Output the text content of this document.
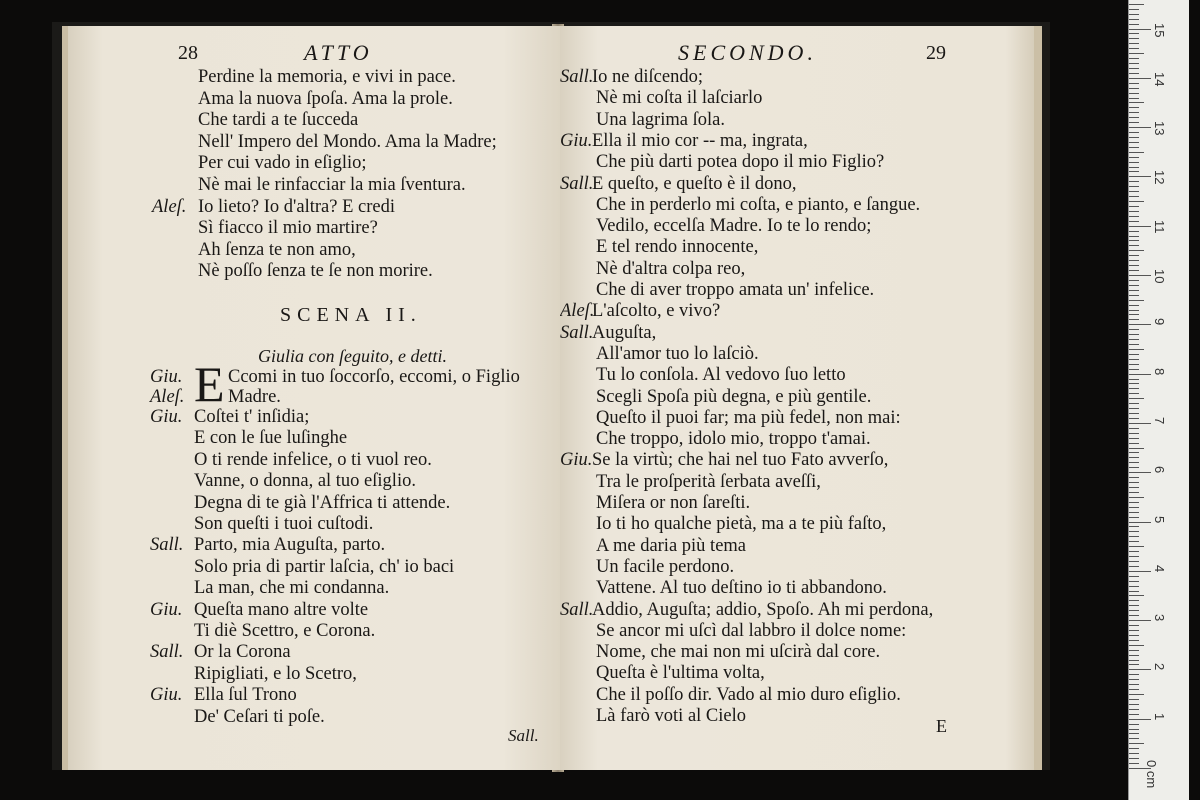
28	ATTO
Perdine la memoria, e vivi in pace.
Ama la nuova ſpoſa. Ama la prole.
Che tardi a te ſucceda
Nell' Impero del Mondo. Ama la Madre;
Per cui vado in eſiglio;
Nè mai le rinfacciar la mia ſventura.
Aleſ. Io lieto? Io d'altra? E credi
Sì fiacco il mio martire?
Ah ſenza te non amo,
Nè poſſo ſenza te ſe non morire.
SCENA II.
Giulia con ſeguito, e detti.
Giu.
Aleſ. E Ccomi in tuo ſoccorſo, eccomi, o Figlio
Madre.
Giu. Coſtei t' inſidia;
E con le ſue luſinghe
O ti rende infelice, o ti vuol reo.
Vanne, o donna, al tuo eſiglio.
Degna di te già l'Affrica ti attende.
Son queſti i tuoi cuſtodi.
Sall. Parto, mia Auguſta, parto.
Solo pria di partir laſcia, ch' io baci
La man, che mi condanna.
Giu. Queſta mano altre volte
Ti diè Scettro, e Corona.
Sall. Or la Corona
Ripigliati, e lo Scetro,
Giu. Ella ſul Trono
De' Ceſari ti poſe.
Sall.
SECONDO.	29
Sall.
Io ne diſcendo;
Nè mi coſta il laſciarlo
Una lagrima ſola.
Giu. Ella il mio cor -- ma, ingrata,
Che più darti potea dopo il mio Figlio?
Sall.
E queſto, e queſto è il dono,
Che in perderlo mi coſta, e pianto, e ſangue.
Vedilo, eccelſa Madre. Io te lo rendo;
E tel rendo innocente,
Nè d'altra colpa reo,
Che di aver troppo amata un' infelice.
Aleſ.
L'aſcolto, e vivo?
Sall.
Auguſta,
All'amor tuo lo laſciò.
Tu lo conſola. Al vedovo ſuo letto
Scegli Spoſa più degna, e più gentile.
Queſto il puoi far; ma più fedel, non mai:
Che troppo, idolo mio, troppo t'amai.
Giu. Se la virtù; che hai nel tuo Fato avverſo,
Tra le proſperità ſerbata aveſſi,
Miſera or non ſareſti.
Io ti ho qualche pietà, ma a te più faſto,
A me daria più tema
Un facile perdono.
Vattene. Al tuo deſtino io ti abbandono.
Sall.
Addio, Auguſta; addio, Spoſo. Ah mi perdona,
Se ancor mi uſcì dal labbro il dolce nome:
Nome, che mai non mi uſcirà dal core.
Queſta è l'ultima volta,
Che il poſſo dir. Vado al mio duro eſiglio.
Là farò voti al Cielo	E	1
2
3
4
5
6
7
8
9
10
11
12
13
14
15
0 cm
